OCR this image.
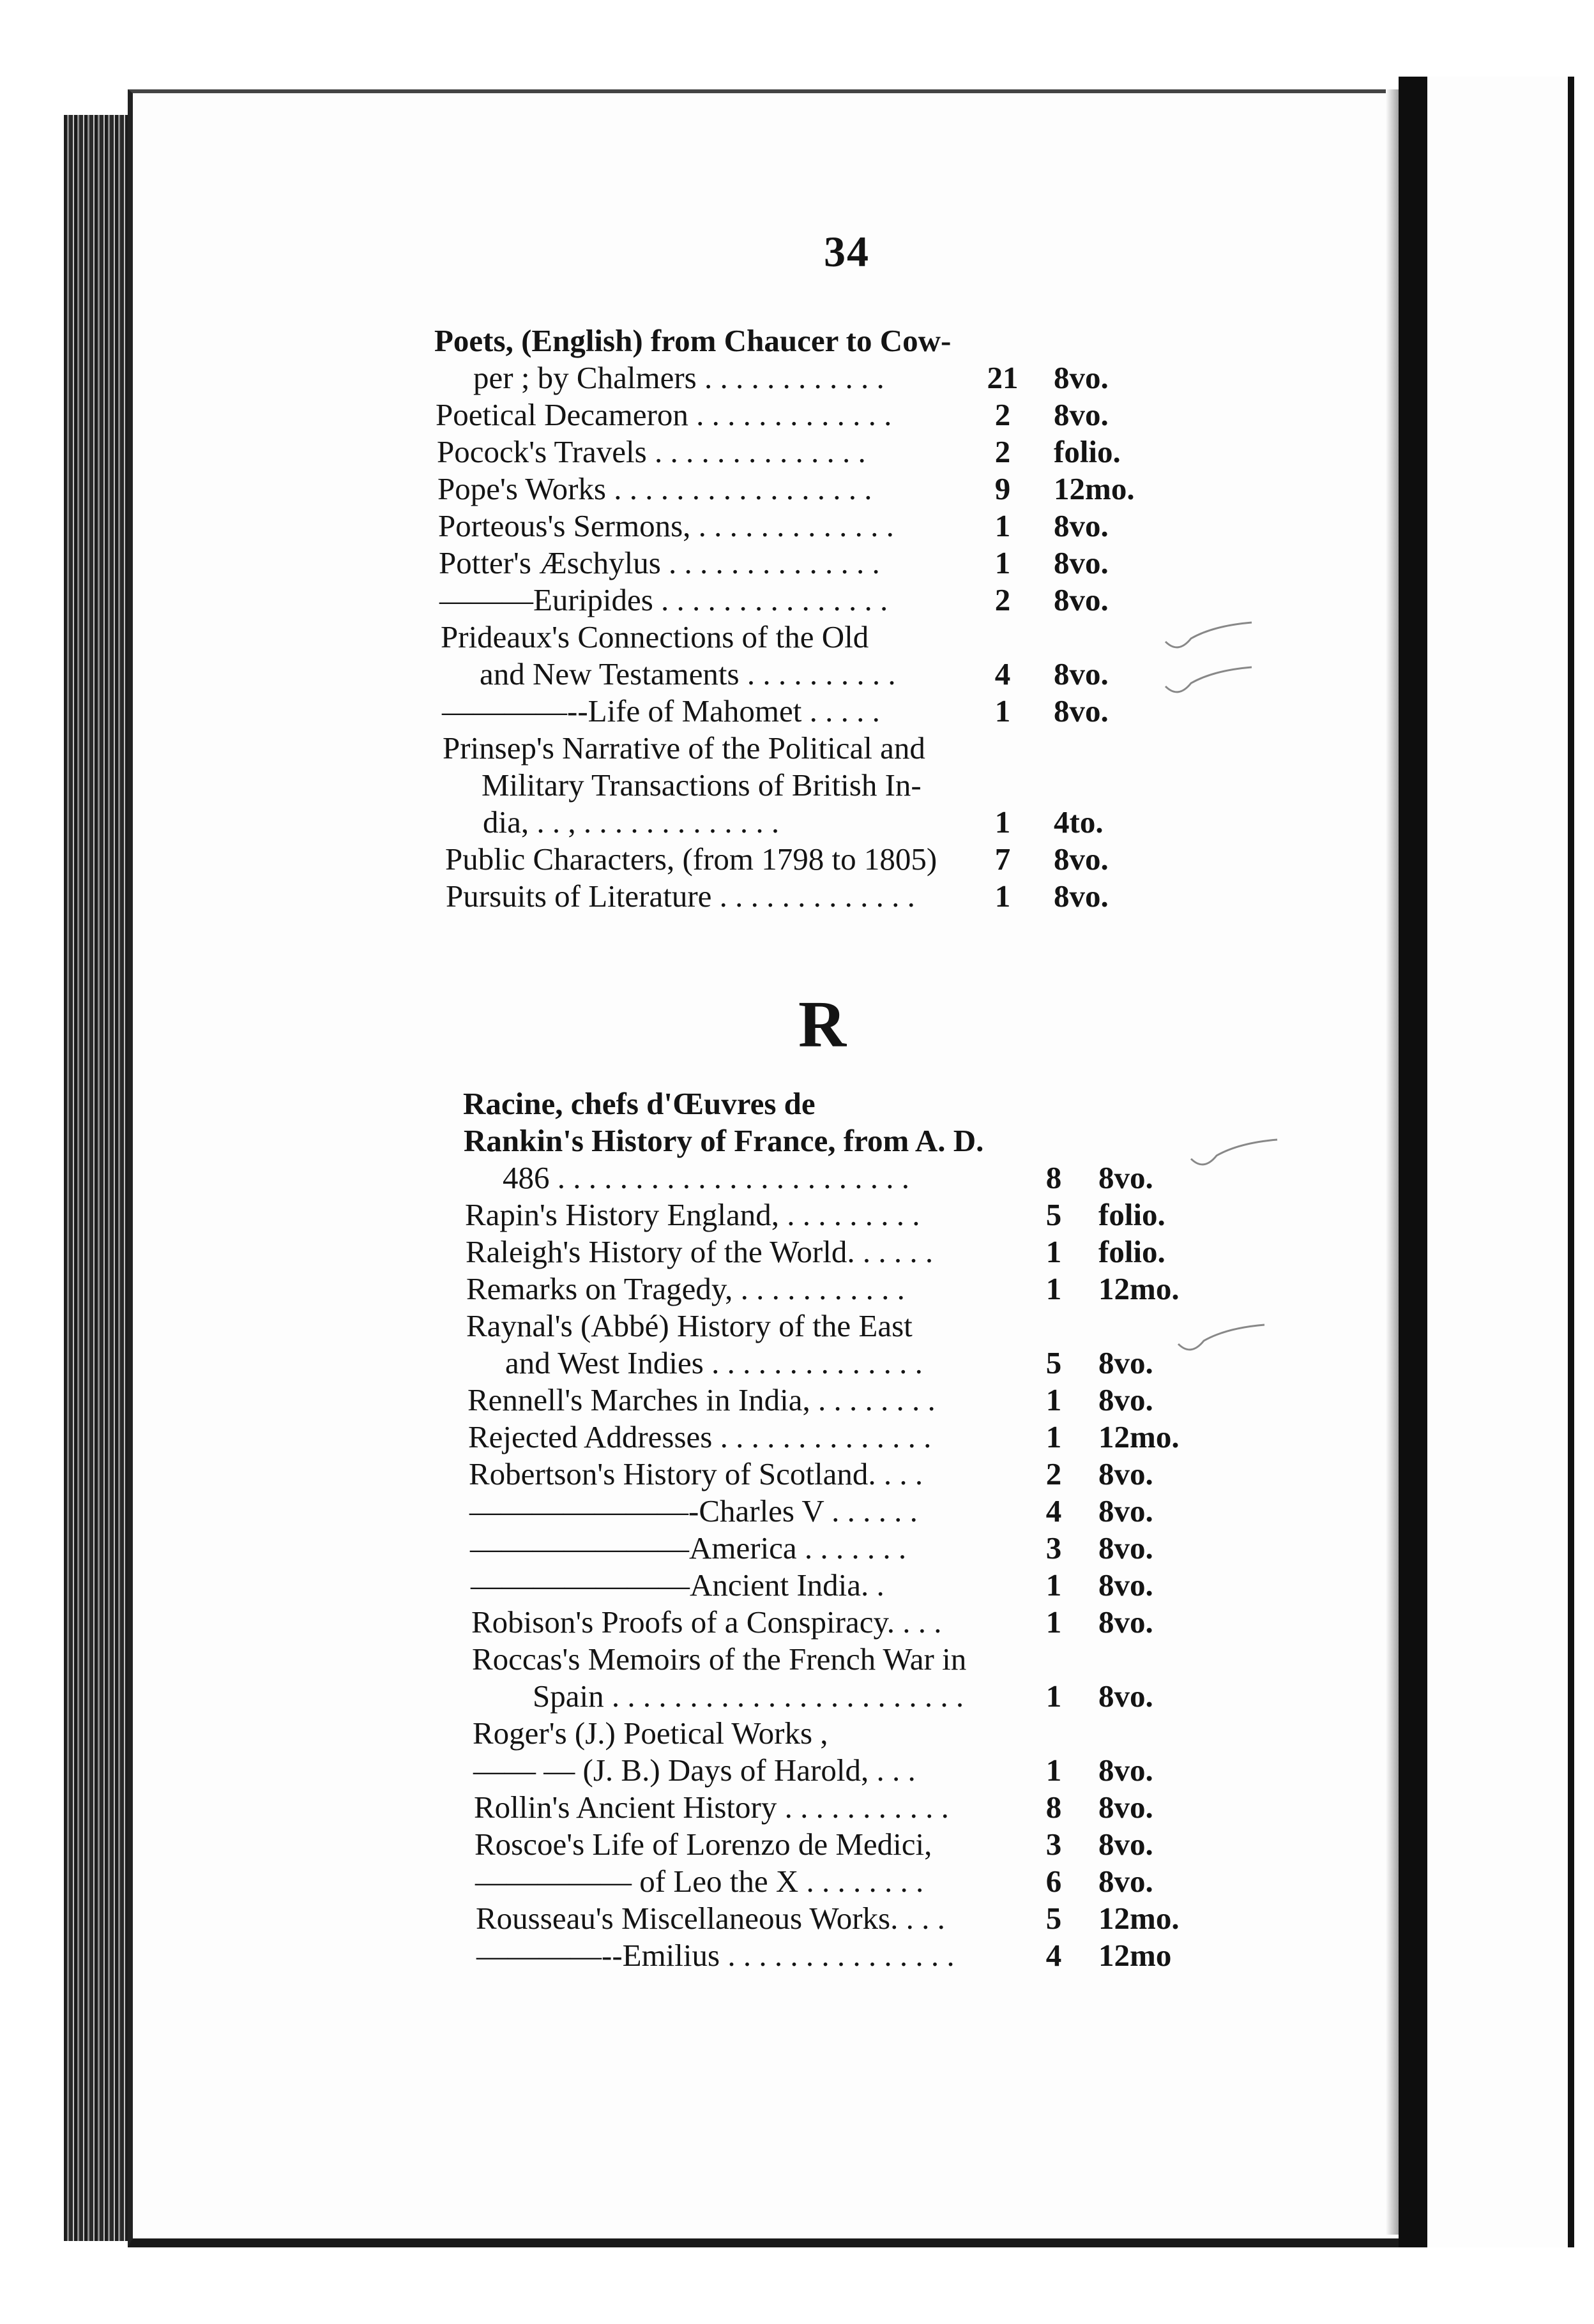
34
R
Poets, (English) from Chaucer to Cow-
per ; by Chalmers . . . . . . . . . . . .	21 8vo.
Poetical Decameron . . . . . . . . . . . . .	2	8vo.
Pocock's Travels . . . . . . . . . . . . . .	2	folio.
Pope's Works . . . . . . . . . . . . . . . . .	9	12mo.
Porteous's Sermons, . . . . . . . . . . . . .	1	8vo.
Potter's Æschylus . . . . . . . . . . . . . .	1	8vo.
———Euripides . . . . . . . . . . . . . . .	2	8vo.
Prideaux's Connections of the Old
and New Testaments . . . . . . . . . .	4	8vo.
————--Life of Mahomet . . . . .	1	8vo.
Prinsep's Narrative of the Political and
Military Transactions of British In-
dia, . . , . . . . . . . . . . . . .	1	4to.
Public Characters, (from 1798 to 1805)	7	8vo.
Pursuits of Literature . . . . . . . . . . . . .	1	8vo.
Racine, chefs d'Œuvres de
Rankin's History of France, from A. D.
486 . . . . . . . . . . . . . . . . . . . . . . .	8	8vo.
Rapin's History England, . . . . . . . . .	5	folio.
Raleigh's History of the World. . . . . .	1	folio.
Remarks on Tragedy, . . . . . . . . . . .	1	12mo.
Raynal's (Abbé) History of the East
and West Indies . . . . . . . . . . . . . .	5	8vo.
Rennell's Marches in India, . . . . . . . .	1	8vo.
Rejected Addresses . . . . . . . . . . . . . .	1	12mo.
Robertson's History of Scotland. . . .	2	8vo.
———————-Charles V . . . . . .	4	8vo.
———————America . . . . . . .	3	8vo.
———————Ancient India. .	1	8vo.
Robison's Proofs of a Conspiracy. . . .	1	8vo.
Roccas's Memoirs of the French War in
Spain . . . . . . . . . . . . . . . . . . . . . . .	1	8vo.
Roger's (J.) Poetical Works ,
—— — (J. B.) Days of Harold, . . .	1	8vo.
Rollin's Ancient History . . . . . . . . . . .	8	8vo.
Roscoe's Life of Lorenzo de Medici,	3	8vo.
————— of Leo the X . . . . . . . .	6	8vo.
Rousseau's Miscellaneous Works. . . .	5	12mo.
————--Emilius . . . . . . . . . . . . . . .	4	12mo
